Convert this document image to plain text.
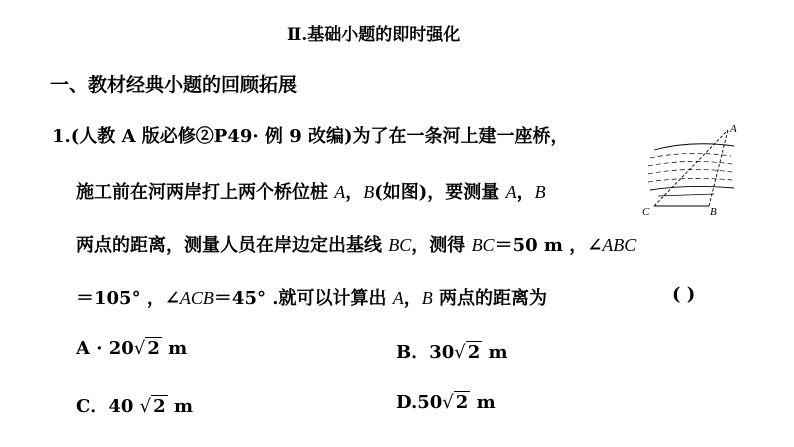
Ⅱ.基础小题的即时强化
一、教材经典小题的回顾拓展
1.(人教 A 版必修②P49· 例 9 改编)为了在一条河上建一座桥，
施工前在河两岸打上两个桥位桩 A，B(如图)，要测量 A，B
两点的距离，测量人员在岸边定出基线 BC，测得 BC＝50 m ，∠ABC
＝105° ，∠ACB＝45° .就可以计算出 A，B 两点的距离为	( )
A · 20√ 2 m	B．30√ 2 m
C．40 √ 2 m	D.50√ 2 m
A
B
C
